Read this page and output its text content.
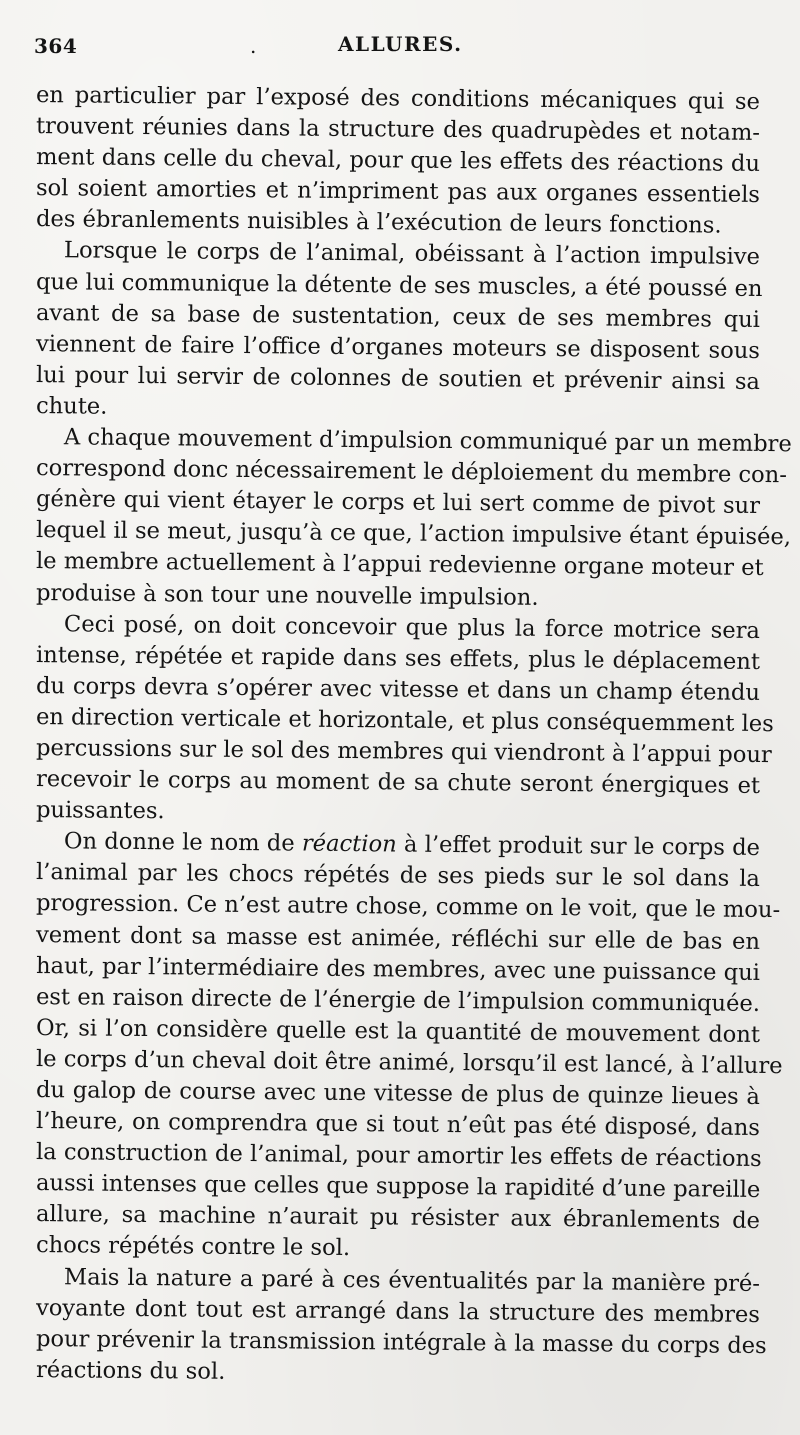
364	.	ALLURES.
en particulier par l’exposé des conditions mécaniques qui se
trouvent réunies dans la structure des quadrupèdes et notam-
ment dans celle du cheval, pour que les effets des réactions du
sol soient amorties et n’impriment pas aux organes essentiels
des ébranlements nuisibles à l’exécution de leurs fonctions.
Lorsque le corps de l’animal, obéissant à l’action impulsive
que lui communique la détente de ses muscles, a été poussé en
avant de sa base de sustentation, ceux de ses membres qui
viennent de faire l’office d’organes moteurs se disposent sous
lui pour lui servir de colonnes de soutien et prévenir ainsi sa
chute.
A chaque mouvement d’impulsion communiqué par un membre
correspond donc nécessairement le déploiement du membre con-
génère qui vient étayer le corps et lui sert comme de pivot sur
lequel il se meut, jusqu’à ce que, l’action impulsive étant épuisée,
le membre actuellement à l’appui redevienne organe moteur et
produise à son tour une nouvelle impulsion.
Ceci posé, on doit concevoir que plus la force motrice sera
intense, répétée et rapide dans ses effets, plus le déplacement
du corps devra s’opérer avec vitesse et dans un champ étendu
en direction verticale et horizontale, et plus conséquemment les
percussions sur le sol des membres qui viendront à l’appui pour
recevoir le corps au moment de sa chute seront énergiques et
puissantes.
On donne le nom de réaction à l’effet produit sur le corps de
l’animal par les chocs répétés de ses pieds sur le sol dans la
progression. Ce n’est autre chose, comme on le voit, que le mou-
vement dont sa masse est animée, réfléchi sur elle de bas en
haut, par l’intermédiaire des membres, avec une puissance qui
est en raison directe de l’énergie de l’impulsion communiquée.
Or, si l’on considère quelle est la quantité de mouvement dont
le corps d’un cheval doit être animé, lorsqu’il est lancé, à l’allure
du galop de course avec une vitesse de plus de quinze lieues à
l’heure, on comprendra que si tout n’eût pas été disposé, dans
la construction de l’animal, pour amortir les effets de réactions
aussi intenses que celles que suppose la rapidité d’une pareille
allure, sa machine n’aurait pu résister aux ébranlements de
chocs répétés contre le sol.
Mais la nature a paré à ces éventualités par la manière pré-
voyante dont tout est arrangé dans la structure des membres
pour prévenir la transmission intégrale à la masse du corps des
réactions du sol.
